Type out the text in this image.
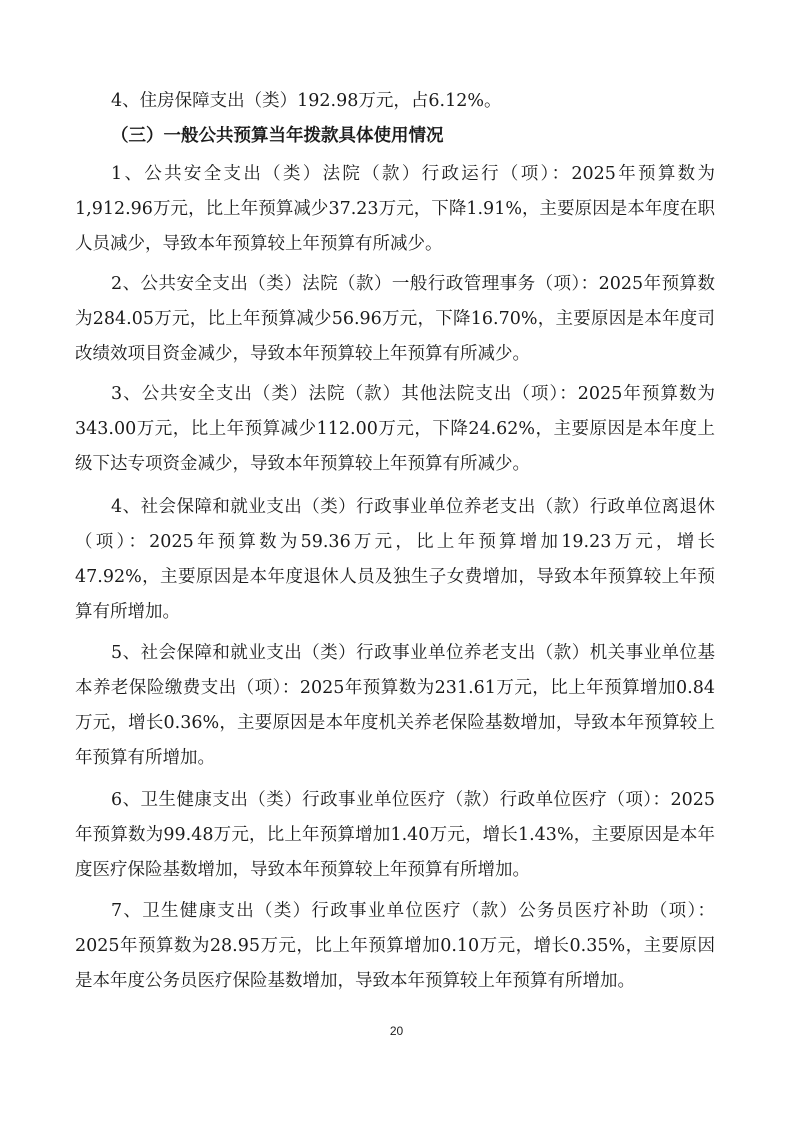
4、住房保障支出（类）192.98万元，占6.12%。

（三）一般公共预算当年拨款具体使用情况

1、公共安全支出（类）法院（款）行政运行（项）：2025年预算数为1,912.96万元，比上年预算减少37.23万元，下降1.91%，主要原因是本年度在职人员减少，导致本年预算较上年预算有所减少。

2、公共安全支出（类）法院（款）一般行政管理事务（项）：2025年预算数为284.05万元，比上年预算减少56.96万元，下降16.70%，主要原因是本年度司改绩效项目资金减少，导致本年预算较上年预算有所减少。

3、公共安全支出（类）法院（款）其他法院支出（项）：2025年预算数为343.00万元，比上年预算减少112.00万元，下降24.62%，主要原因是本年度上级下达专项资金减少，导致本年预算较上年预算有所减少。

4、社会保障和就业支出（类）行政事业单位养老支出（款）行政单位离退休（项）：2025年预算数为59.36万元，比上年预算增加19.23万元，增长47.92%，主要原因是本年度退休人员及独生子女费增加，导致本年预算较上年预算有所增加。

5、社会保障和就业支出（类）行政事业单位养老支出（款）机关事业单位基本养老保险缴费支出（项）：2025年预算数为231.61万元，比上年预算增加0.84万元，增长0.36%，主要原因是本年度机关养老保险基数增加，导致本年预算较上年预算有所增加。

6、卫生健康支出（类）行政事业单位医疗（款）行政单位医疗（项）：2025年预算数为99.48万元，比上年预算增加1.40万元，增长1.43%，主要原因是本年度医疗保险基数增加，导致本年预算较上年预算有所增加。

7、卫生健康支出（类）行政事业单位医疗（款）公务员医疗补助（项）：2025年预算数为28.95万元，比上年预算增加0.10万元，增长0.35%，主要原因是本年度公务员医疗保险基数增加，导致本年预算较上年预算有所增加。

20
